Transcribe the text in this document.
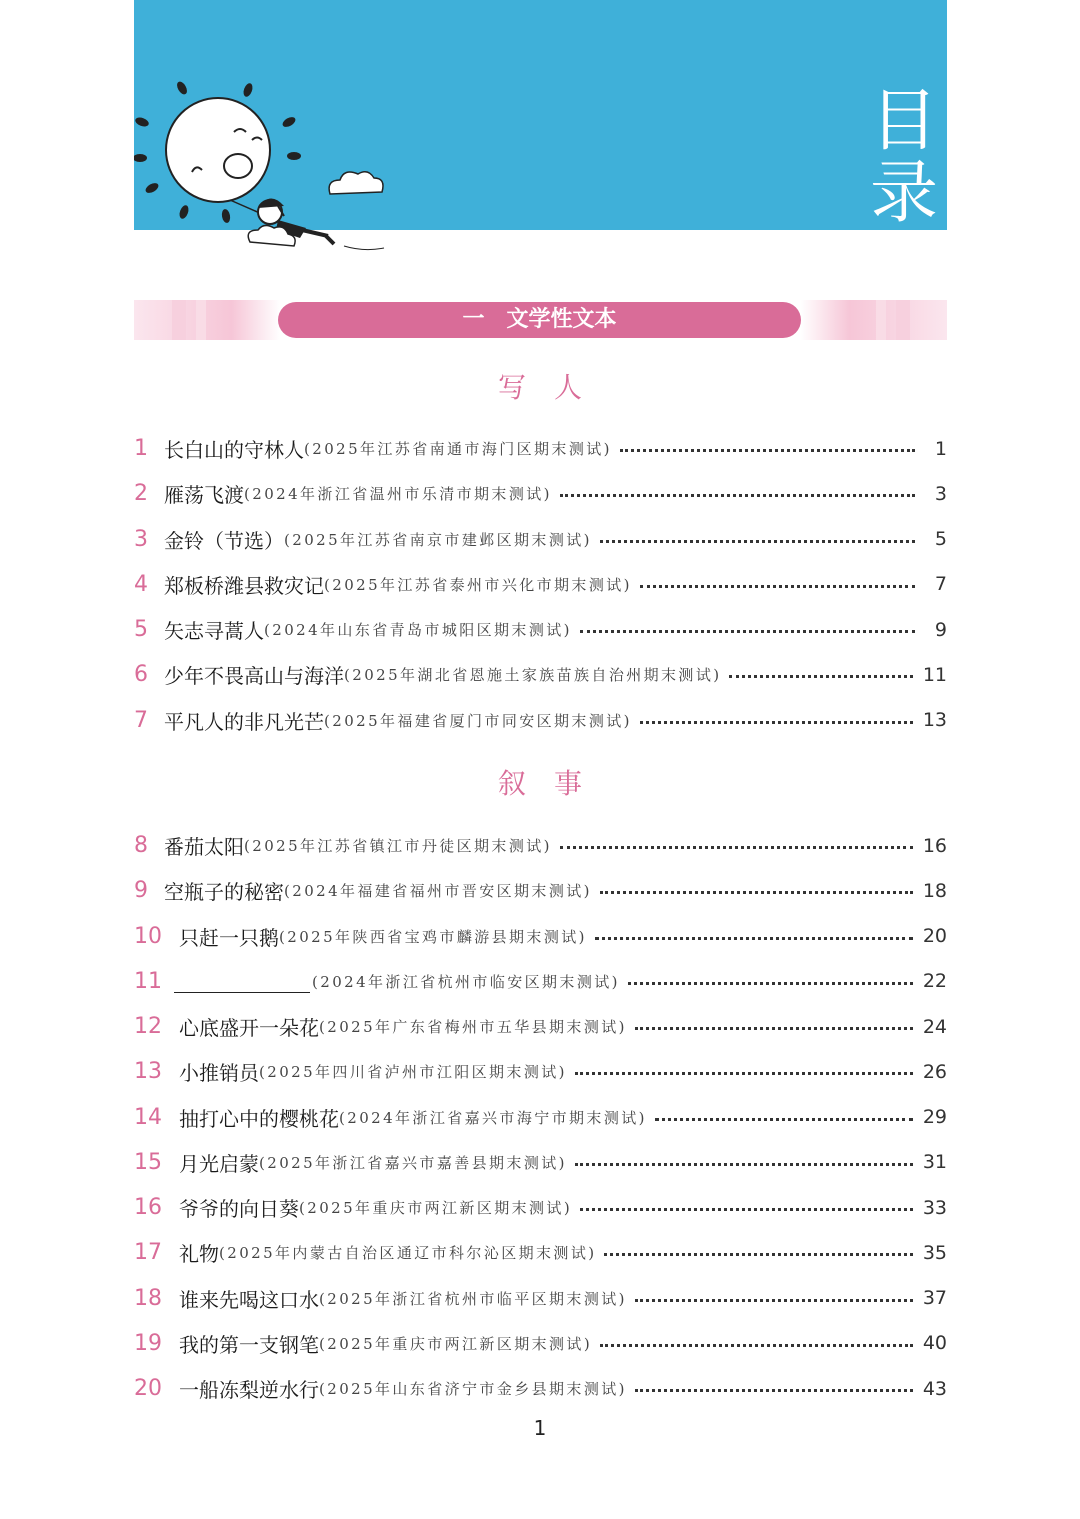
目
录
一　文学性文本
写人
1 长白山的守林人 (2025年江苏省南通市海门区期末测试)	1
2 雁荡飞渡 (2024年浙江省温州市乐清市期末测试)	3
3 金铃（节选） (2025年江苏省南京市建邺区期末测试)	5
4 郑板桥潍县救灾记 (2025年江苏省泰州市兴化市期末测试)	7
5 矢志寻蒿人 (2024年山东省青岛市城阳区期末测试)	9
6 少年不畏高山与海洋 (2025年湖北省恩施土家族苗族自治州期末测试)	11
7 平凡人的非凡光芒 (2025年福建省厦门市同安区期末测试)	13
叙事
8 番茄太阳 (2025年江苏省镇江市丹徒区期末测试)	16
9 空瓶子的秘密 (2024年福建省福州市晋安区期末测试)	18
10 只赶一只鹅 (2025年陕西省宝鸡市麟游县期末测试)	20
11	(2024年浙江省杭州市临安区期末测试)	22
12 心底盛开一朵花 (2025年广东省梅州市五华县期末测试)	24
13 小推销员 (2025年四川省泸州市江阳区期末测试)	26
14 抽打心中的樱桃花 (2024年浙江省嘉兴市海宁市期末测试)	29
15 月光启蒙 (2025年浙江省嘉兴市嘉善县期末测试)	31
16 爷爷的向日葵 (2025年重庆市两江新区期末测试)	33
17 礼物 (2025年内蒙古自治区通辽市科尔沁区期末测试)	35
18 谁来先喝这口水 (2025年浙江省杭州市临平区期末测试)	37
19 我的第一支钢笔 (2025年重庆市两江新区期末测试)	40
20 一船冻梨逆水行 (2025年山东省济宁市金乡县期末测试)	43
1
